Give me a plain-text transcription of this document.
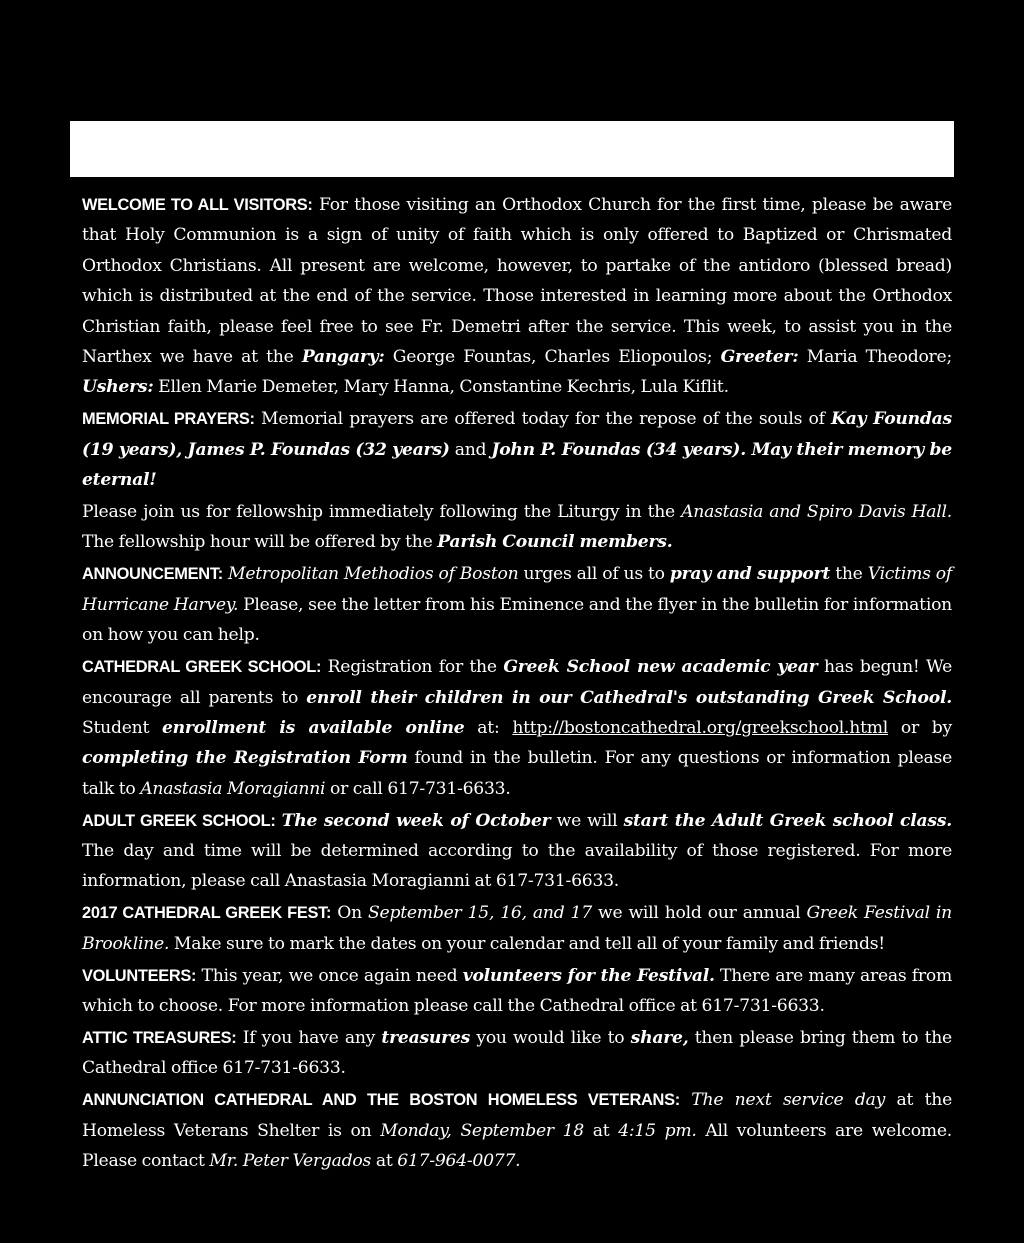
WELCOME TO ALL VISITORS: For those visiting an Orthodox Church for the first time, please be aware that Holy Communion is a sign of unity of faith which is only offered to Baptized or Chrismated Orthodox Christians. All present are welcome, however, to partake of the antidoro (blessed bread) which is distributed at the end of the service. Those interested in learning more about the Orthodox Christian faith, please feel free to see Fr. Demetri after the service. This week, to assist you in the Narthex we have at the Pangary: George Fountas, Charles Eliopoulos; Greeter: Maria Theodore; Ushers: Ellen Marie Demeter, Mary Hanna, Constantine Kechris, Lula Kiflit.

MEMORIAL PRAYERS: Memorial prayers are offered today for the repose of the souls of Kay Foundas (19 years), James P. Foundas (32 years) and John P. Foundas (34 years). May their memory be eternal!

Please join us for fellowship immediately following the Liturgy in the Anastasia and Spiro Davis Hall. The fellowship hour will be offered by the Parish Council members.

ANNOUNCEMENT: Metropolitan Methodios of Boston urges all of us to pray and support the Victims of Hurricane Harvey. Please, see the letter from his Eminence and the flyer in the bulletin for information on how you can help.

CATHEDRAL GREEK SCHOOL: Registration for the Greek School new academic year has begun! We encourage all parents to enroll their children in our Cathedral's outstanding Greek School. Student enrollment is available online at: http://bostoncathedral.org/greekschool.html or by completing the Registration Form found in the bulletin. For any questions or information please talk to Anastasia Moragianni or call 617-731-6633.

ADULT GREEK SCHOOL: The second week of October we will start the Adult Greek school class. The day and time will be determined according to the availability of those registered. For more information, please call Anastasia Moragianni at 617-731-6633.

2017 CATHEDRAL GREEK FEST: On September 15, 16, and 17 we will hold our annual Greek Festival in Brookline. Make sure to mark the dates on your calendar and tell all of your family and friends!

VOLUNTEERS: This year, we once again need volunteers for the Festival. There are many areas from which to choose. For more information please call the Cathedral office at 617-731-6633.

ATTIC TREASURES: If you have any treasures you would like to share, then please bring them to the Cathedral office 617-731-6633.

ANNUNCIATION CATHEDRAL AND THE BOSTON HOMELESS VETERANS: The next service day at the Homeless Veterans Shelter is on Monday, September 18 at 4:15 pm. All volunteers are welcome. Please contact Mr. Peter Vergados at 617-964-0077.
